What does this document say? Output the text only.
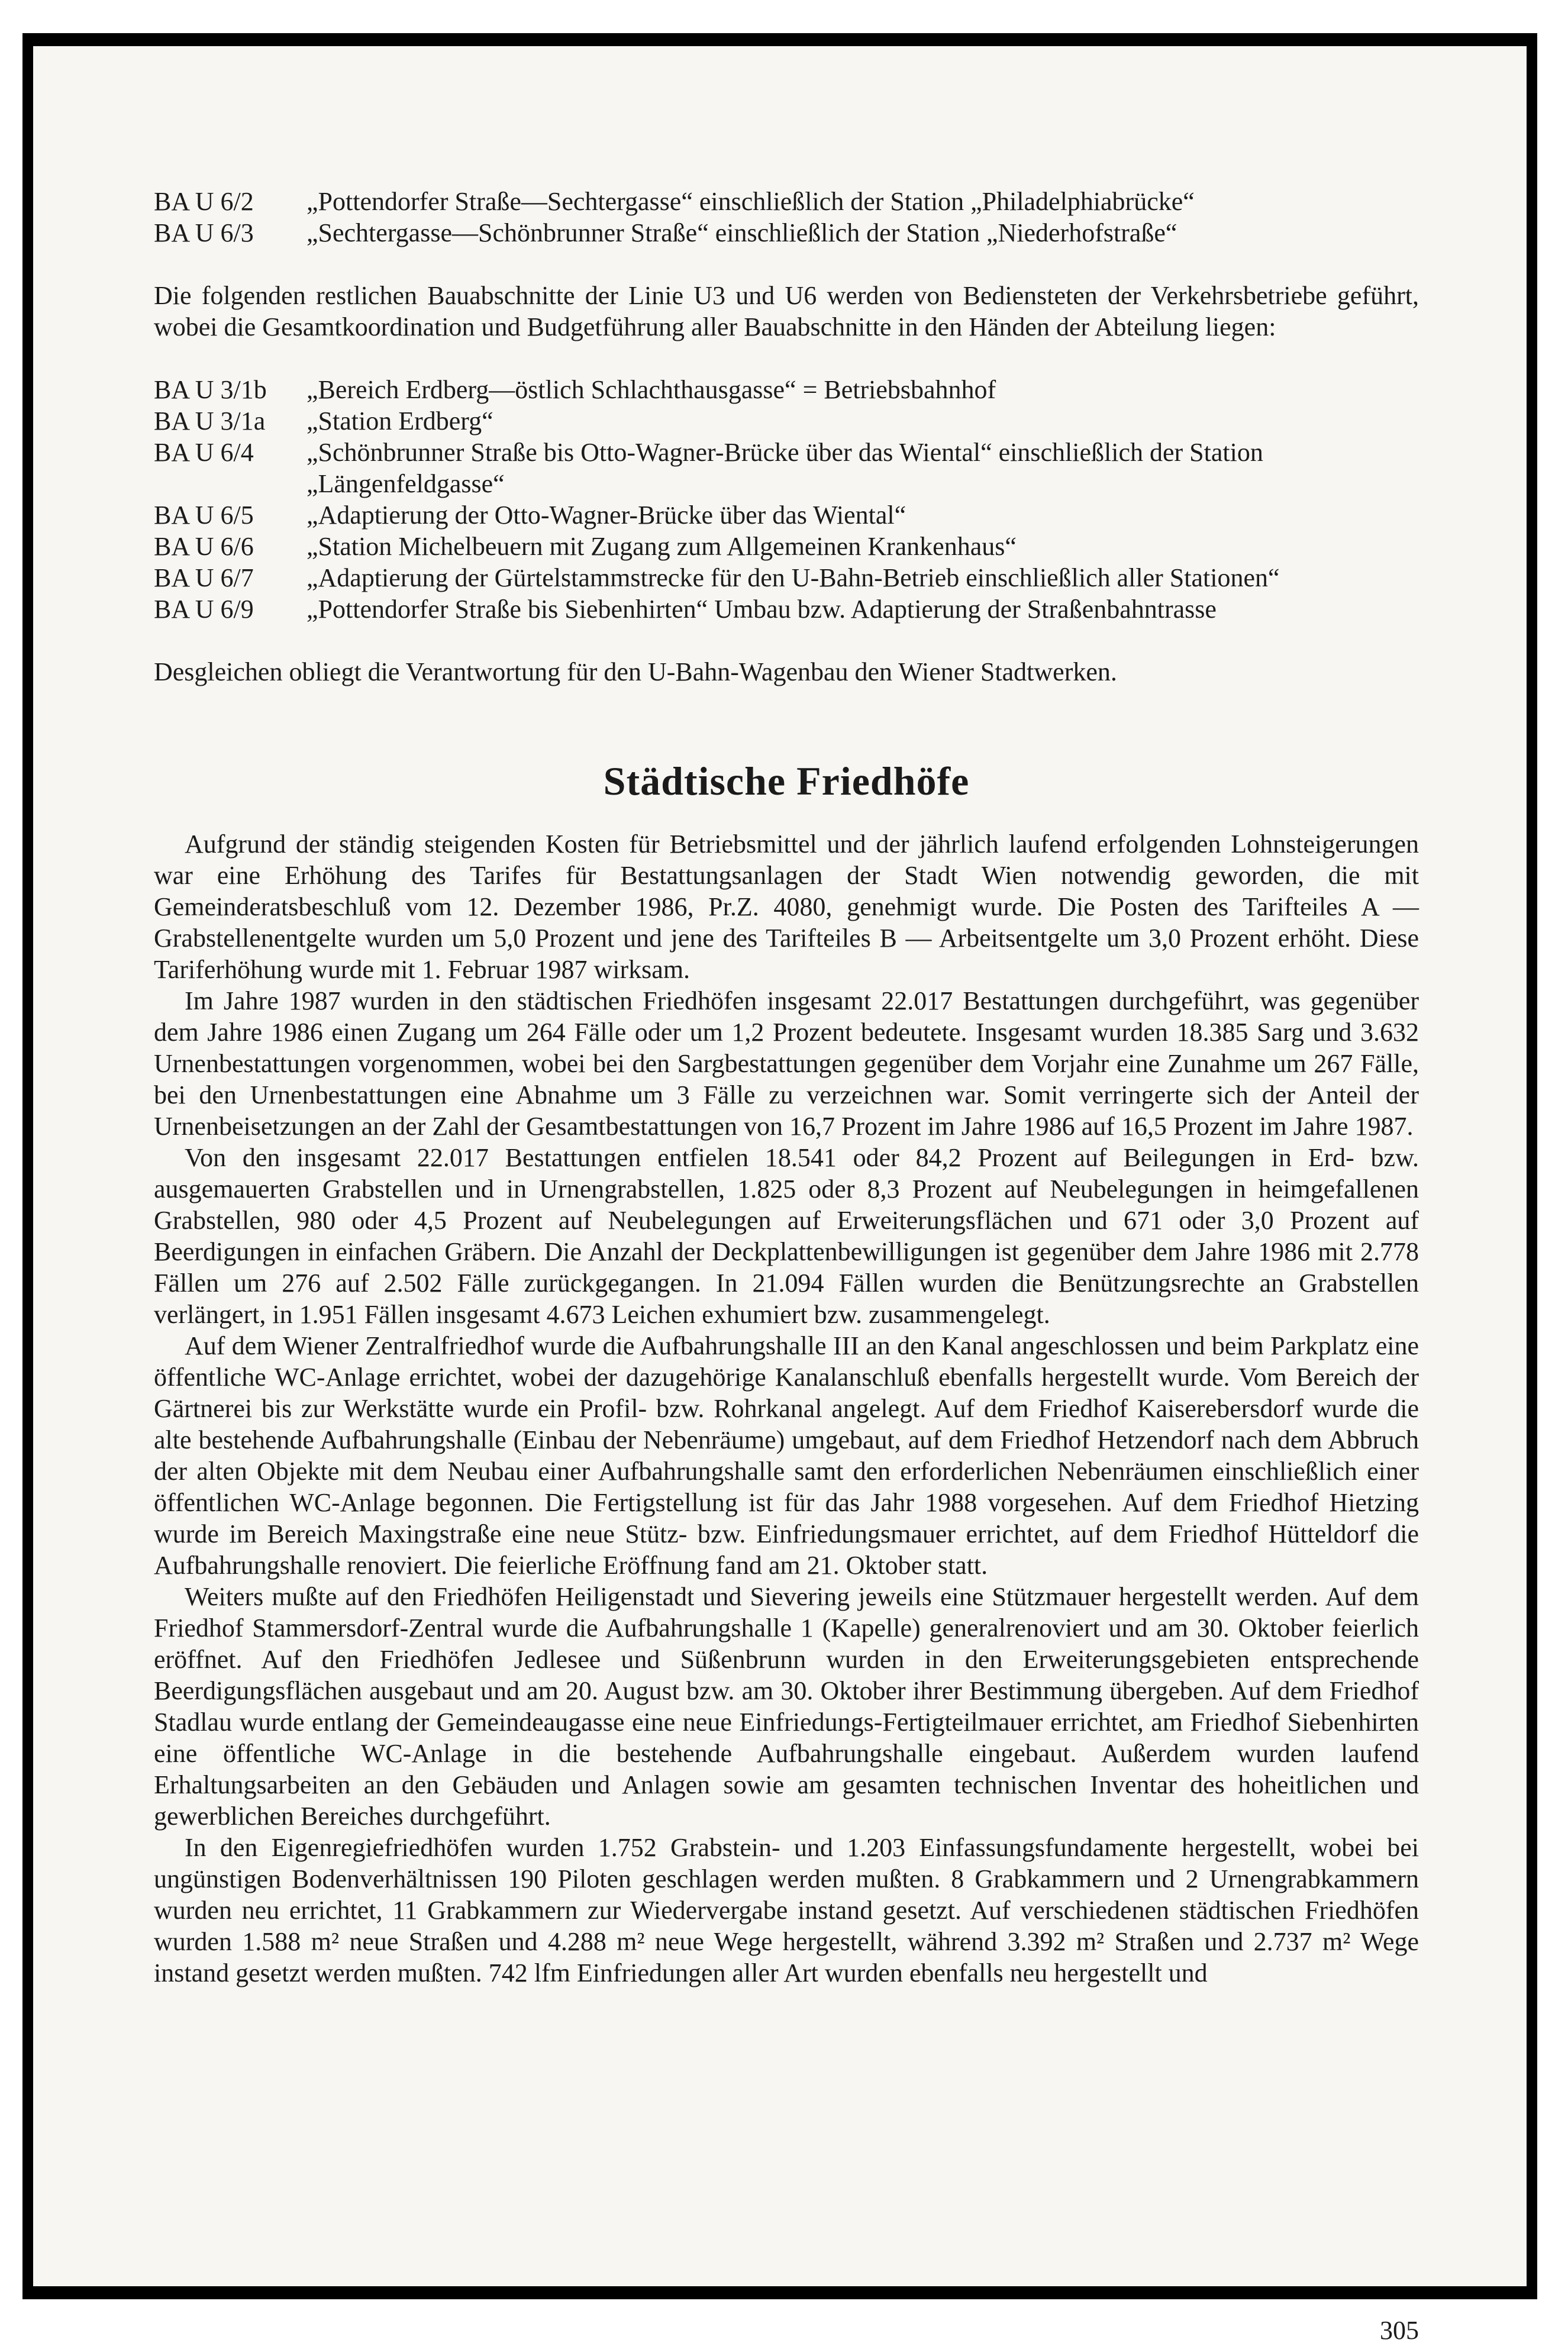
BA U 6/2	„Pottendorfer Straße—Sechtergasse“ einschließlich der Station „Philadelphiabrücke“
BA U 6/3	„Sechtergasse—Schönbrunner Straße“ einschließlich der Station „Niederhofstraße“

Die folgenden restlichen Bauabschnitte der Linie U3 und U6 werden von Bediensteten der Verkehrsbetriebe geführt, wobei die Gesamtkoordination und Budgetführung aller Bauabschnitte in den Händen der Abteilung liegen:

BA U 3/1b	„Bereich Erdberg—östlich Schlachthausgasse“ = Betriebsbahnhof
BA U 3/1a	„Station Erdberg“
BA U 6/4	„Schönbrunner Straße bis Otto-Wagner-Brücke über das Wiental“ einschließlich der Station „Längenfeldgasse“
BA U 6/5	„Adaptierung der Otto-Wagner-Brücke über das Wiental“
BA U 6/6	„Station Michelbeuern mit Zugang zum Allgemeinen Krankenhaus“
BA U 6/7	„Adaptierung der Gürtelstammstrecke für den U-Bahn-Betrieb einschließlich aller Stationen“
BA U 6/9	„Pottendorfer Straße bis Siebenhirten“ Umbau bzw. Adaptierung der Straßenbahntrasse

Desgleichen obliegt die Verantwortung für den U-Bahn-Wagenbau den Wiener Stadtwerken.

Städtische Friedhöfe

Aufgrund der ständig steigenden Kosten für Betriebsmittel und der jährlich laufend erfolgenden Lohnsteigerungen war eine Erhöhung des Tarifes für Bestattungsanlagen der Stadt Wien notwendig geworden, die mit Gemeinderatsbeschluß vom 12. Dezember 1986, Pr.Z. 4080, genehmigt wurde. Die Posten des Tarifteiles A — Grabstellenentgelte wurden um 5,0 Prozent und jene des Tarifteiles B — Arbeitsentgelte um 3,0 Prozent erhöht. Diese Tariferhöhung wurde mit 1. Februar 1987 wirksam.

Im Jahre 1987 wurden in den städtischen Friedhöfen insgesamt 22.017 Bestattungen durchgeführt, was gegenüber dem Jahre 1986 einen Zugang um 264 Fälle oder um 1,2 Prozent bedeutete. Insgesamt wurden 18.385 Sarg und 3.632 Urnenbestattungen vorgenommen, wobei bei den Sargbestattungen gegenüber dem Vorjahr eine Zunahme um 267 Fälle, bei den Urnenbestattungen eine Abnahme um 3 Fälle zu verzeichnen war. Somit verringerte sich der Anteil der Urnenbeisetzungen an der Zahl der Gesamtbestattungen von 16,7 Prozent im Jahre 1986 auf 16,5 Prozent im Jahre 1987.

Von den insgesamt 22.017 Bestattungen entfielen 18.541 oder 84,2 Prozent auf Beilegungen in Erd- bzw. ausgemauerten Grabstellen und in Urnengrabstellen, 1.825 oder 8,3 Prozent auf Neubelegungen in heimgefallenen Grabstellen, 980 oder 4,5 Prozent auf Neubelegungen auf Erweiterungsflächen und 671 oder 3,0 Prozent auf Beerdigungen in einfachen Gräbern. Die Anzahl der Deckplattenbewilligungen ist gegenüber dem Jahre 1986 mit 2.778 Fällen um 276 auf 2.502 Fälle zurückgegangen. In 21.094 Fällen wurden die Benützungsrechte an Grabstellen verlängert, in 1.951 Fällen insgesamt 4.673 Leichen exhumiert bzw. zusammengelegt.

Auf dem Wiener Zentralfriedhof wurde die Aufbahrungshalle III an den Kanal angeschlossen und beim Parkplatz eine öffentliche WC-Anlage errichtet, wobei der dazugehörige Kanalanschluß ebenfalls hergestellt wurde. Vom Bereich der Gärtnerei bis zur Werkstätte wurde ein Profil- bzw. Rohrkanal angelegt. Auf dem Friedhof Kaiserebersdorf wurde die alte bestehende Aufbahrungshalle (Einbau der Nebenräume) umgebaut, auf dem Friedhof Hetzendorf nach dem Abbruch der alten Objekte mit dem Neubau einer Aufbahrungshalle samt den erforderlichen Nebenräumen einschließlich einer öffentlichen WC-Anlage begonnen. Die Fertigstellung ist für das Jahr 1988 vorgesehen. Auf dem Friedhof Hietzing wurde im Bereich Maxingstraße eine neue Stütz- bzw. Einfriedungsmauer errichtet, auf dem Friedhof Hütteldorf die Aufbahrungshalle renoviert. Die feierliche Eröffnung fand am 21. Oktober statt.

Weiters mußte auf den Friedhöfen Heiligenstadt und Sievering jeweils eine Stützmauer hergestellt werden. Auf dem Friedhof Stammersdorf-Zentral wurde die Aufbahrungshalle 1 (Kapelle) generalrenoviert und am 30. Oktober feierlich eröffnet. Auf den Friedhöfen Jedlesee und Süßenbrunn wurden in den Erweiterungsgebieten entsprechende Beerdigungsflächen ausgebaut und am 20. August bzw. am 30. Oktober ihrer Bestimmung übergeben. Auf dem Friedhof Stadlau wurde entlang der Gemeindeaugasse eine neue Einfriedungs-Fertigteilmauer errichtet, am Friedhof Siebenhirten eine öffentliche WC-Anlage in die bestehende Aufbahrungshalle eingebaut. Außerdem wurden laufend Erhaltungsarbeiten an den Gebäuden und Anlagen sowie am gesamten technischen Inventar des hoheitlichen und gewerblichen Bereiches durchgeführt.

In den Eigenregiefriedhöfen wurden 1.752 Grabstein- und 1.203 Einfassungsfundamente hergestellt, wobei bei ungünstigen Bodenverhältnissen 190 Piloten geschlagen werden mußten. 8 Grabkammern und 2 Urnengrabkammern wurden neu errichtet, 11 Grabkammern zur Wiedervergabe instand gesetzt. Auf verschiedenen städtischen Friedhöfen wurden 1.588 m² neue Straßen und 4.288 m² neue Wege hergestellt, während 3.392 m² Straßen und 2.737 m² Wege instand gesetzt werden mußten. 742 lfm Einfriedungen aller Art wurden ebenfalls neu hergestellt und

305
